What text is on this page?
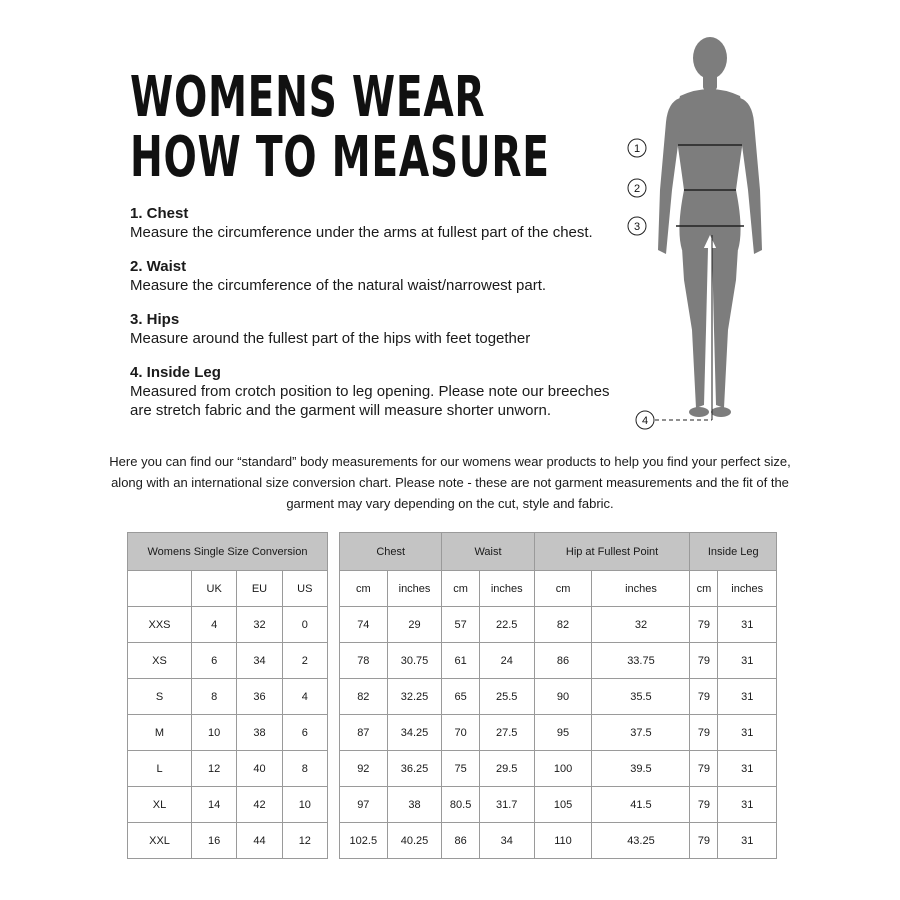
WOMENS WEAR
HOW TO MEASURE
1. Chest
Measure the circumference under the arms at fullest part of the chest.
2. Waist
Measure the circumference of the natural waist/narrowest part.
3. Hips
Measure around the fullest part of the hips with feet together
4. Inside Leg
Measured from crotch position to leg opening. Please note our breeches are stretch fabric and the garment will measure shorter unworn.
1
2
3
4

Here you can find our “standard” body measurements for our womens wear products to help you find your perfect size, along with an international size conversion chart. Please note - these are not garment measurements and the fit of the garment may vary depending on the cut, style and fabric.

Womens Single Size Conversion			
	UK	EU	US
XXS	4	32	0
XS	6	34	2
S	8	36	4
M	10	38	6
L	12	40	8
XL	14	42	10
XXL	16	44	12
Chest		Waist		Hip at Fullest Point		Inside Leg	
cm	inches	cm	inches	cm	inches	cm	inches
74	29	57	22.5	82	32	79	31
78	30.75	61	24	86	33.75	79	31
82	32.25	65	25.5	90	35.5	79	31
87	34.25	70	27.5	95	37.5	79	31
92	36.25	75	29.5	100	39.5	79	31
97	38	80.5	31.7	105	41.5	79	31
102.5	40.25	86	34	110	43.25	79	31
